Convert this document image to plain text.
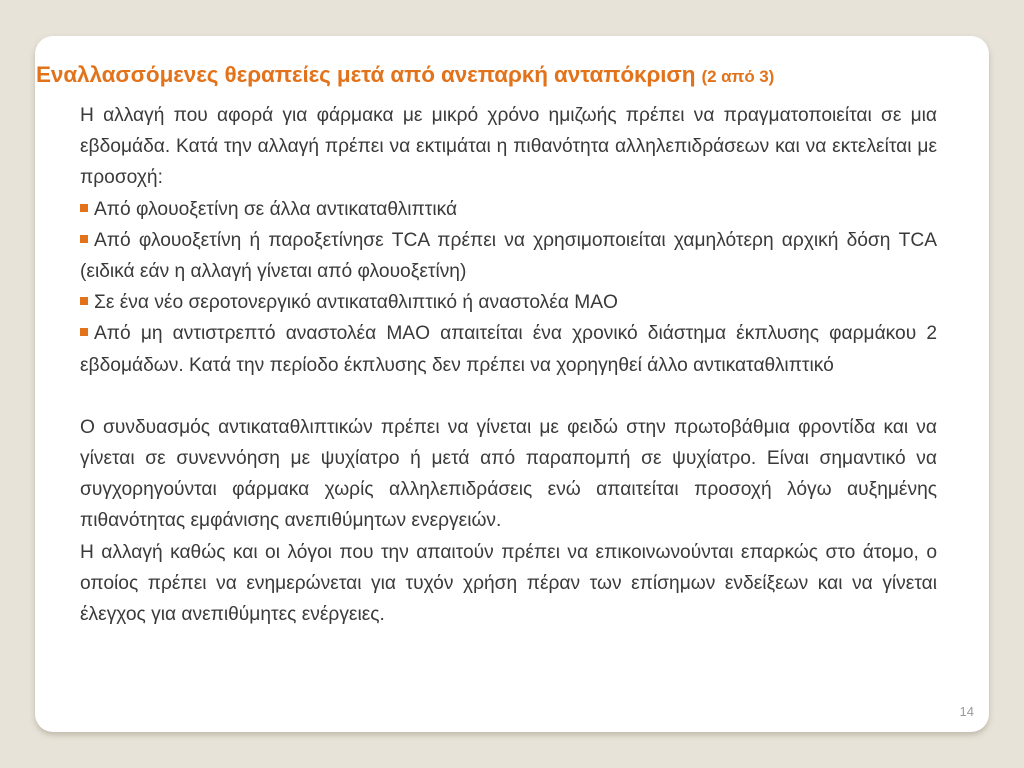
Εναλλασσόμενες θεραπείες μετά από ανεπαρκή ανταπόκριση (2 από 3)

Η αλλαγή που αφορά για φάρμακα με μικρό χρόνο ημιζωής πρέπει να πραγματοποιείται σε μια εβδομάδα. Κατά την αλλαγή πρέπει να εκτιμάται η πιθανότητα αλληλεπιδράσεων και να εκτελείται με προσοχή:

Από φλουοξετίνη σε άλλα αντικαταθλιπτικά

Από φλουοξετίνη ή παροξετίνησε TCA πρέπει να χρησιμοποιείται χαμηλότερη αρχική δόση TCA (ειδικά εάν η αλλαγή γίνεται από φλουοξετίνη)

Σε ένα νέο σεροτονεργικό αντικαταθλιπτικό ή αναστολέα MAO

Από μη αντιστρεπτό αναστολέα MAO απαιτείται ένα χρονικό διάστημα έκπλυσης φαρμάκου 2 εβδομάδων. Κατά την περίοδο έκπλυσης δεν πρέπει να χορηγηθεί άλλο αντικαταθλιπτικό

Ο συνδυασμός αντικαταθλιπτικών πρέπει να γίνεται με φειδώ στην πρωτοβάθμια φροντίδα και να γίνεται σε συνεννόηση με ψυχίατρο ή μετά από παραπομπή σε ψυχίατρο. Είναι σημαντικό να συγχορηγούνται φάρμακα χωρίς αλληλεπιδράσεις ενώ απαιτείται προσοχή λόγω αυξημένης πιθανότητας εμφάνισης ανεπιθύμητων ενεργειών.

Η αλλαγή καθώς και οι λόγοι που την απαιτούν πρέπει να επικοινωνούνται επαρκώς στο άτομο, ο οποίος πρέπει να ενημερώνεται για τυχόν χρήση πέραν των επίσημων ενδείξεων και να γίνεται έλεγχος για ανεπιθύμητες ενέργειες.

14
